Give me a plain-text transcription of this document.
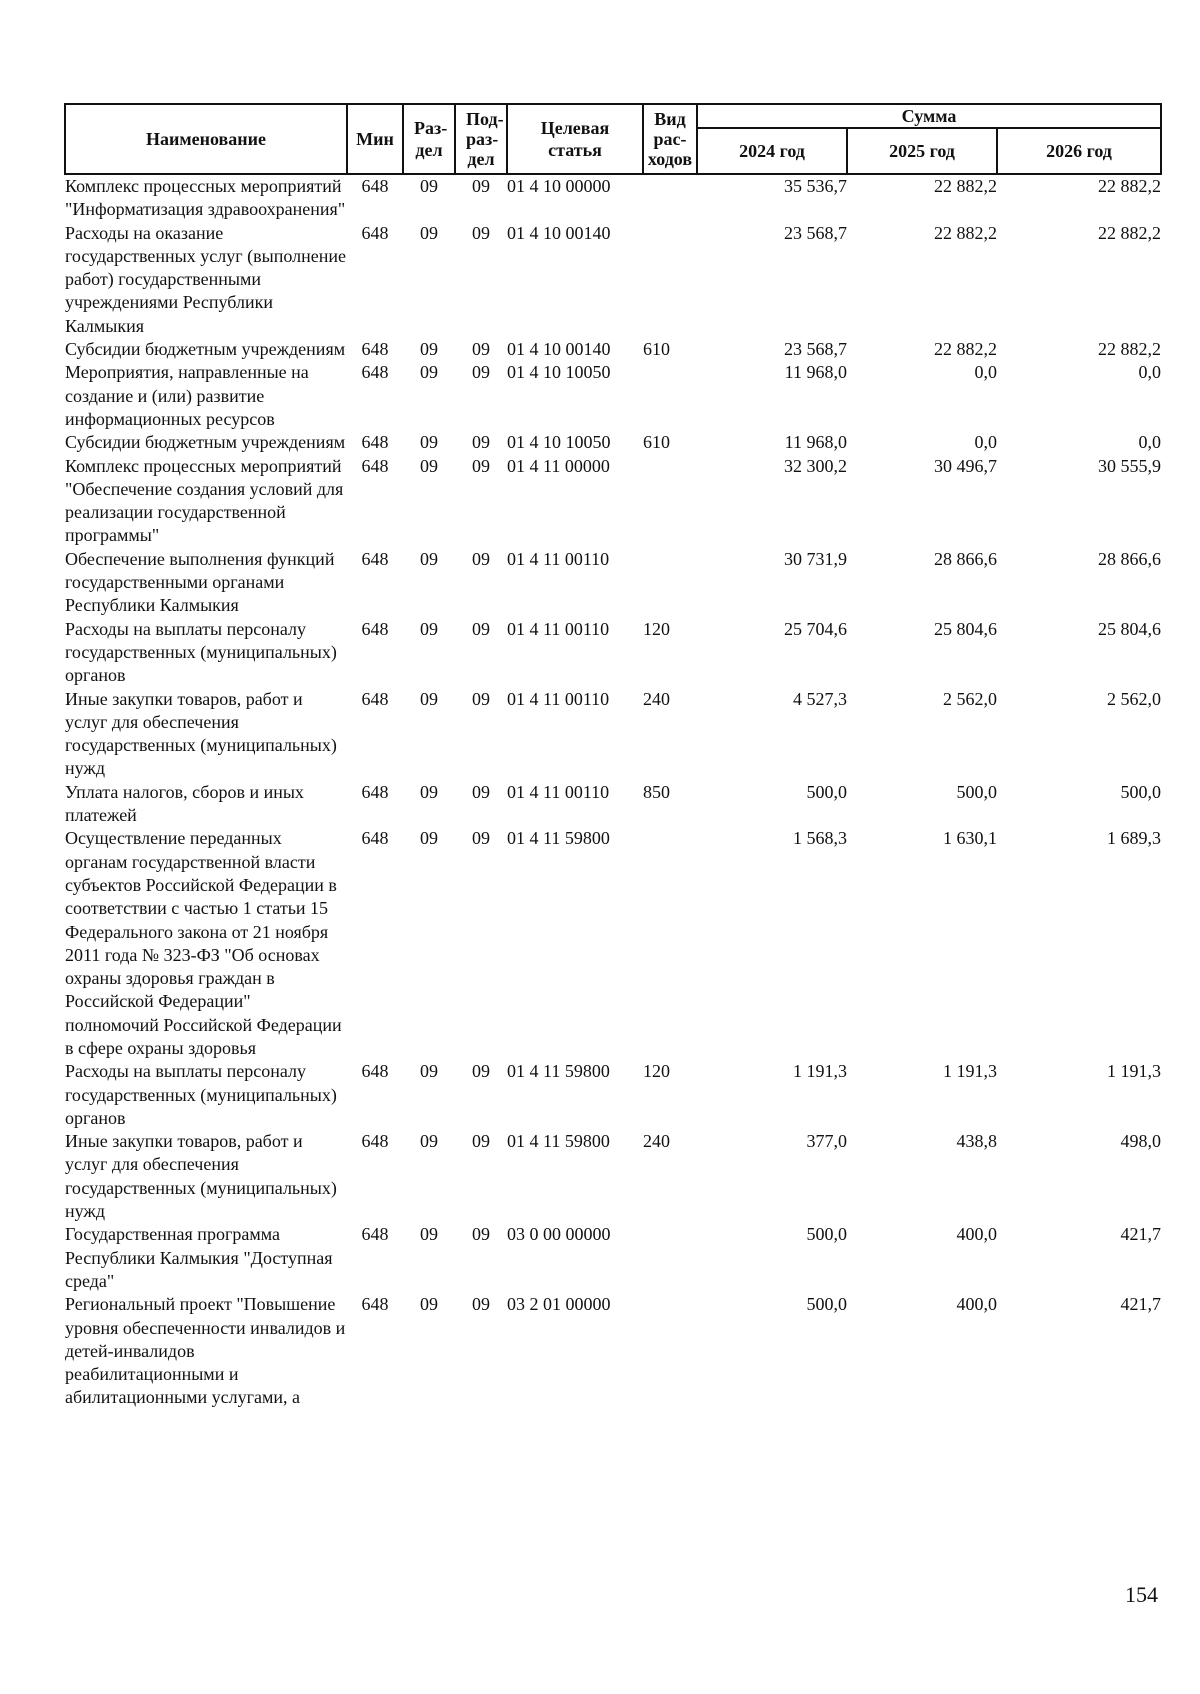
Наименование	Мин	Раз-дел	Под-раз-дел	Целевая статья	Вид рас-ходов	Сумма		
						2024 год	2025 год	2026 год
Комплекс процессных мероприятий "Информатизация здравоохранения"	648	09	09	01 4 10 00000		35 536,7	22 882,2	22 882,2
Расходы на оказание государственных услуг (выполнение работ) государственными учреждениями Республики Калмыкия	648	09	09	01 4 10 00140		23 568,7	22 882,2	22 882,2
Субсидии бюджетным учреждениям	648	09	09	01 4 10 00140	610	23 568,7	22 882,2	22 882,2
Мероприятия, направленные на создание и (или) развитие информационных ресурсов	648	09	09	01 4 10 10050		11 968,0	0,0	0,0
Субсидии бюджетным учреждениям	648	09	09	01 4 10 10050	610	11 968,0	0,0	0,0
Комплекс процессных мероприятий "Обеспечение создания условий для реализации государственной программы"	648	09	09	01 4 11 00000		32 300,2	30 496,7	30 555,9
Обеспечение выполнения функций государственными органами Республики Калмыкия	648	09	09	01 4 11 00110		30 731,9	28 866,6	28 866,6
Расходы на выплаты персоналу государственных (муниципальных) органов	648	09	09	01 4 11 00110	120	25 704,6	25 804,6	25 804,6
Иные закупки товаров, работ и услуг для обеспечения государственных (муниципальных) нужд	648	09	09	01 4 11 00110	240	4 527,3	2 562,0	2 562,0
Уплата налогов, сборов и иных платежей	648	09	09	01 4 11 00110	850	500,0	500,0	500,0
Осуществление переданных органам государственной власти субъектов Российской Федерации в соответствии с частью 1 статьи 15 Федерального закона от 21 ноября 2011 года № 323-ФЗ "Об основах охраны здоровья граждан в Российской Федерации" полномочий Российской Федерации в сфере охраны здоровья	648	09	09	01 4 11 59800		1 568,3	1 630,1	1 689,3
Расходы на выплаты персоналу государственных (муниципальных) органов	648	09	09	01 4 11 59800	120	1 191,3	1 191,3	1 191,3
Иные закупки товаров, работ и услуг для обеспечения государственных (муниципальных) нужд	648	09	09	01 4 11 59800	240	377,0	438,8	498,0
Государственная программа Республики Калмыкия "Доступная среда"	648	09	09	03 0 00 00000		500,0	400,0	421,7
Региональный проект "Повышение уровня обеспеченности инвалидов и детей-инвалидов реабилитационными и абилитационными услугами, а	648	09	09	03 2 01 00000		500,0	400,0	421,7
154
